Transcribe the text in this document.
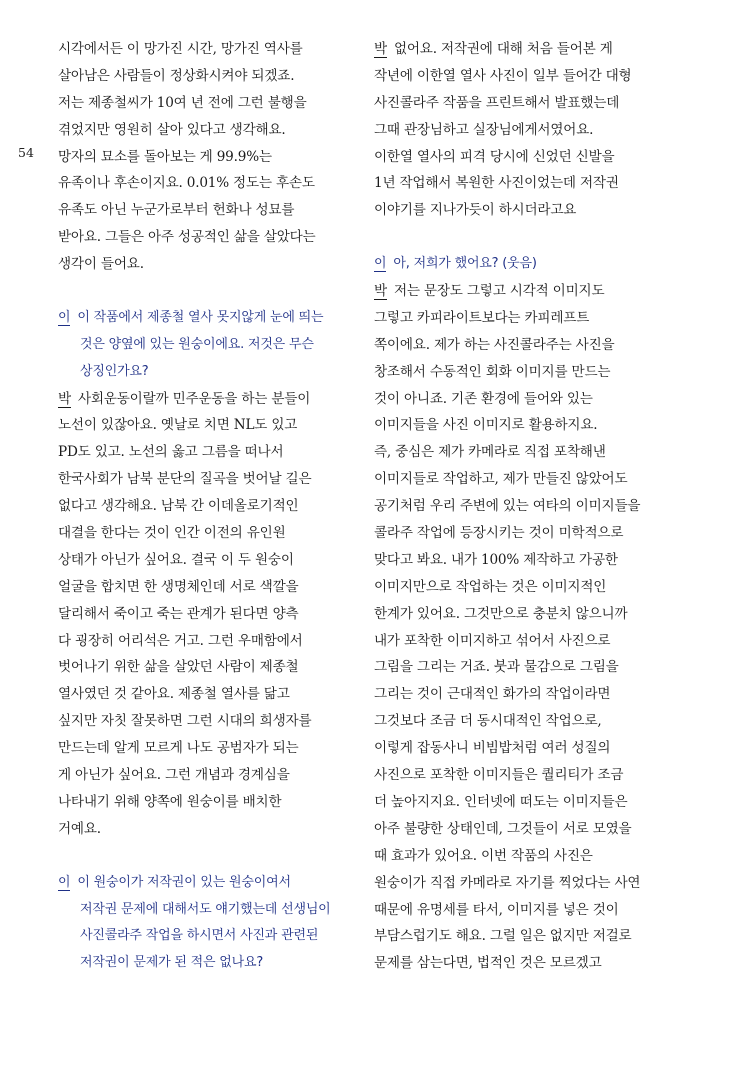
54
시각에서든 이 망가진 시간, 망가진 역사를
살아남은 사람들이 정상화시켜야 되겠죠.
저는 제종철씨가 10여 년 전에 그런 불행을
겪었지만 영원히 살아 있다고 생각해요.
망자의 묘소를 돌아보는 게 99.9%는
유족이나 후손이지요. 0.01% 정도는 후손도
유족도 아닌 누군가로부터 헌화나 성묘를
받아요. 그들은 아주 성공적인 삶을 살았다는
생각이 들어요.
이 이 작품에서 제종철 열사 못지않게 눈에 띄는
것은 양옆에 있는 원숭이에요. 저것은 무슨
상징인가요?
박 사회운동이랄까 민주운동을 하는 분들이
노선이 있잖아요. 옛날로 치면 NL도 있고
PD도 있고. 노선의 옳고 그름을 떠나서
한국사회가 남북 분단의 질곡을 벗어날 길은
없다고 생각해요. 남북 간 이데올로기적인
대결을 한다는 것이 인간 이전의 유인원
상태가 아닌가 싶어요. 결국 이 두 원숭이
얼굴을 합치면 한 생명체인데 서로 색깔을
달리해서 죽이고 죽는 관계가 된다면 양측
다 굉장히 어리석은 거고. 그런 우매함에서
벗어나기 위한 삶을 살았던 사람이 제종철
열사였던 것 같아요. 제종철 열사를 닮고
싶지만 자칫 잘못하면 그런 시대의 희생자를
만드는데 알게 모르게 나도 공범자가 되는
게 아닌가 싶어요. 그런 개념과 경계심을
나타내기 위해 양쪽에 원숭이를 배치한
거예요.
이 이 원숭이가 저작권이 있는 원숭이여서
저작권 문제에 대해서도 얘기했는데 선생님이
사진콜라주 작업을 하시면서 사진과 관련된
저작권이 문제가 된 적은 없나요?
박 없어요. 저작권에 대해 처음 들어본 게
작년에 이한열 열사 사진이 일부 들어간 대형
사진콜라주 작품을 프린트해서 발표했는데
그때 관장님하고 실장님에게서였어요.
이한열 열사의 피격 당시에 신었던 신발을
1년 작업해서 복원한 사진이었는데 저작권
이야기를 지나가듯이 하시더라고요
이 아, 저희가 했어요? (웃음)
박 저는 문장도 그렇고 시각적 이미지도
그렇고 카피라이트보다는 카피레프트
쪽이에요. 제가 하는 사진콜라주는 사진을
창조해서 수동적인 회화 이미지를 만드는
것이 아니죠. 기존 환경에 들어와 있는
이미지들을 사진 이미지로 활용하지요.
즉, 중심은 제가 카메라로 직접 포착해낸
이미지들로 작업하고, 제가 만들진 않았어도
공기처럼 우리 주변에 있는 여타의 이미지들을
콜라주 작업에 등장시키는 것이 미학적으로
맞다고 봐요. 내가 100% 제작하고 가공한
이미지만으로 작업하는 것은 이미지적인
한계가 있어요. 그것만으로 충분치 않으니까
내가 포착한 이미지하고 섞어서 사진으로
그림을 그리는 거죠. 붓과 물감으로 그림을
그리는 것이 근대적인 화가의 작업이라면
그것보다 조금 더 동시대적인 작업으로,
이렇게 잡동사니 비빔밥처럼 여러 성질의
사진으로 포착한 이미지들은 퀄리티가 조금
더 높아지지요. 인터넷에 떠도는 이미지들은
아주 불량한 상태인데, 그것들이 서로 모였을
때 효과가 있어요. 이번 작품의 사진은
원숭이가 직접 카메라로 자기를 찍었다는 사연
때문에 유명세를 타서, 이미지를 넣은 것이
부담스럽기도 해요. 그럴 일은 없지만 저걸로
문제를 삼는다면, 법적인 것은 모르겠고
